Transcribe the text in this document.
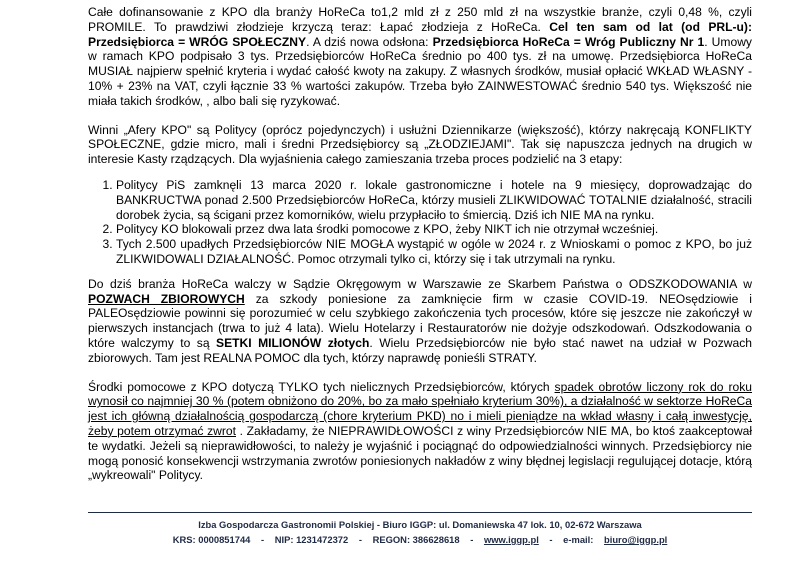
Całe dofinansowanie z KPO dla branży HoReCa to1,2 mld zł z 250 mld zł na wszystkie branże, czyli 0,48 %, czyli PROMILE. To prawdziwi złodzieje krzyczą teraz: Łapać złodzieja z HoReCa. Cel ten sam od lat (od PRL-u): Przedsiębiorca = WRÓG SPOŁECZNY. A dziś nowa odsłona: Przedsiębiorca HoReCa = Wróg Publiczny Nr 1. Umowy w ramach KPO podpisało 3 tys. Przedsiębiorców HoReCa średnio po 400 tys. zł na umowę. Przedsiębiorca HoReCa MUSIAŁ najpierw spełnić kryteria i wydać całość kwoty na zakupy. Z własnych środków, musiał opłacić WKŁAD WŁASNY - 10% + 23% na VAT, czyli łącznie 33 % wartości zakupów. Trzeba było ZAINWESTOWAĆ średnio 540 tys. Większość nie miała takich środków, , albo bali się ryzykować.

Winni „Afery KPO" są Politycy (oprócz pojedynczych) i usłużni Dziennikarze (większość), którzy nakręcają KONFLIKTY SPOŁECZNE, gdzie micro, mali i średni Przedsiębiorcy są „ZŁODZIEJAMI". Tak się napuszcza jednych na drugich w interesie Kasty rządzących. Dla wyjaśnienia całego zamieszania trzeba proces podzielić na 3 etapy:

1. Politycy PiS zamknęli 13 marca 2020 r. lokale gastronomiczne i hotele na 9 miesięcy, doprowadzając do BANKRUCTWA ponad 2.500 Przedsiębiorców HoReCa, którzy musieli ZLIKWIDOWAĆ TOTALNIE działalność, stracili dorobek życia, są ścigani przez komorników, wielu przypłaciło to śmiercią. Dziś ich NIE MA na rynku.
2. Politycy KO blokowali przez dwa lata środki pomocowe z KPO, żeby NIKT ich nie otrzymał wcześniej.
3. Tych 2.500 upadłych Przedsiębiorców NIE MOGŁA wystąpić w ogóle w 2024 r. z Wnioskami o pomoc z KPO, bo już ZLIKWIDOWALI DZIAŁALNOŚĆ. Pomoc otrzymali tylko ci, którzy się i tak utrzymali na rynku.

Do dziś branża HoReCa walczy w Sądzie Okręgowym w Warszawie ze Skarbem Państwa o ODSZKODOWANIA w POZWACH ZBIOROWYCH za szkody poniesione za zamknięcie firm w czasie COVID-19. NEOsędziowie i PALEOsędziowie powinni się porozumieć w celu szybkiego zakończenia tych procesów, które się jeszcze nie zakończył w pierwszych instancjach (trwa to już 4 lata). Wielu Hotelarzy i Restauratorów nie dożyje odszkodowań. Odszkodowania o które walczymy to są SETKI MILIONÓW złotych. Wielu Przedsiębiorców nie było stać nawet na udział w Pozwach zbiorowych. Tam jest REALNA POMOC dla tych, którzy naprawdę ponieśli STRATY.

Środki pomocowe z KPO dotyczą TYLKO tych nielicznych Przedsiębiorców, których spadek obrotów liczony rok do roku wynosił co najmniej 30 % (potem obniżono do 20%, bo za mało spełniało kryterium 30%), a działalność w sektorze HoReCa jest ich główną działalnością gospodarczą (chore kryterium PKD) no i mieli pieniądze na wkład własny i całą inwestycję, żeby potem otrzymać zwrot . Zakładamy, że NIEPRAWIDŁOWOŚCI z winy Przedsiębiorców NIE MA, bo ktoś zaakceptował te wydatki. Jeżeli są nieprawidłowości, to należy je wyjaśnić i pociągnąć do odpowiedzialności winnych. Przedsiębiorcy nie mogą ponosić konsekwencji wstrzymania zwrotów poniesionych nakładów z winy błędnej legislacji regulującej dotacje, którą „wykreowali" Politycy.

Izba Gospodarcza Gastronomii Polskiej - Biuro IGGP: ul. Domaniewska 47 lok. 10, 02-672 Warszawa
KRS: 0000851744 - NIP: 1231472372 - REGON: 386628618 - www.iggp.pl - e-mail: biuro@iggp.pl
